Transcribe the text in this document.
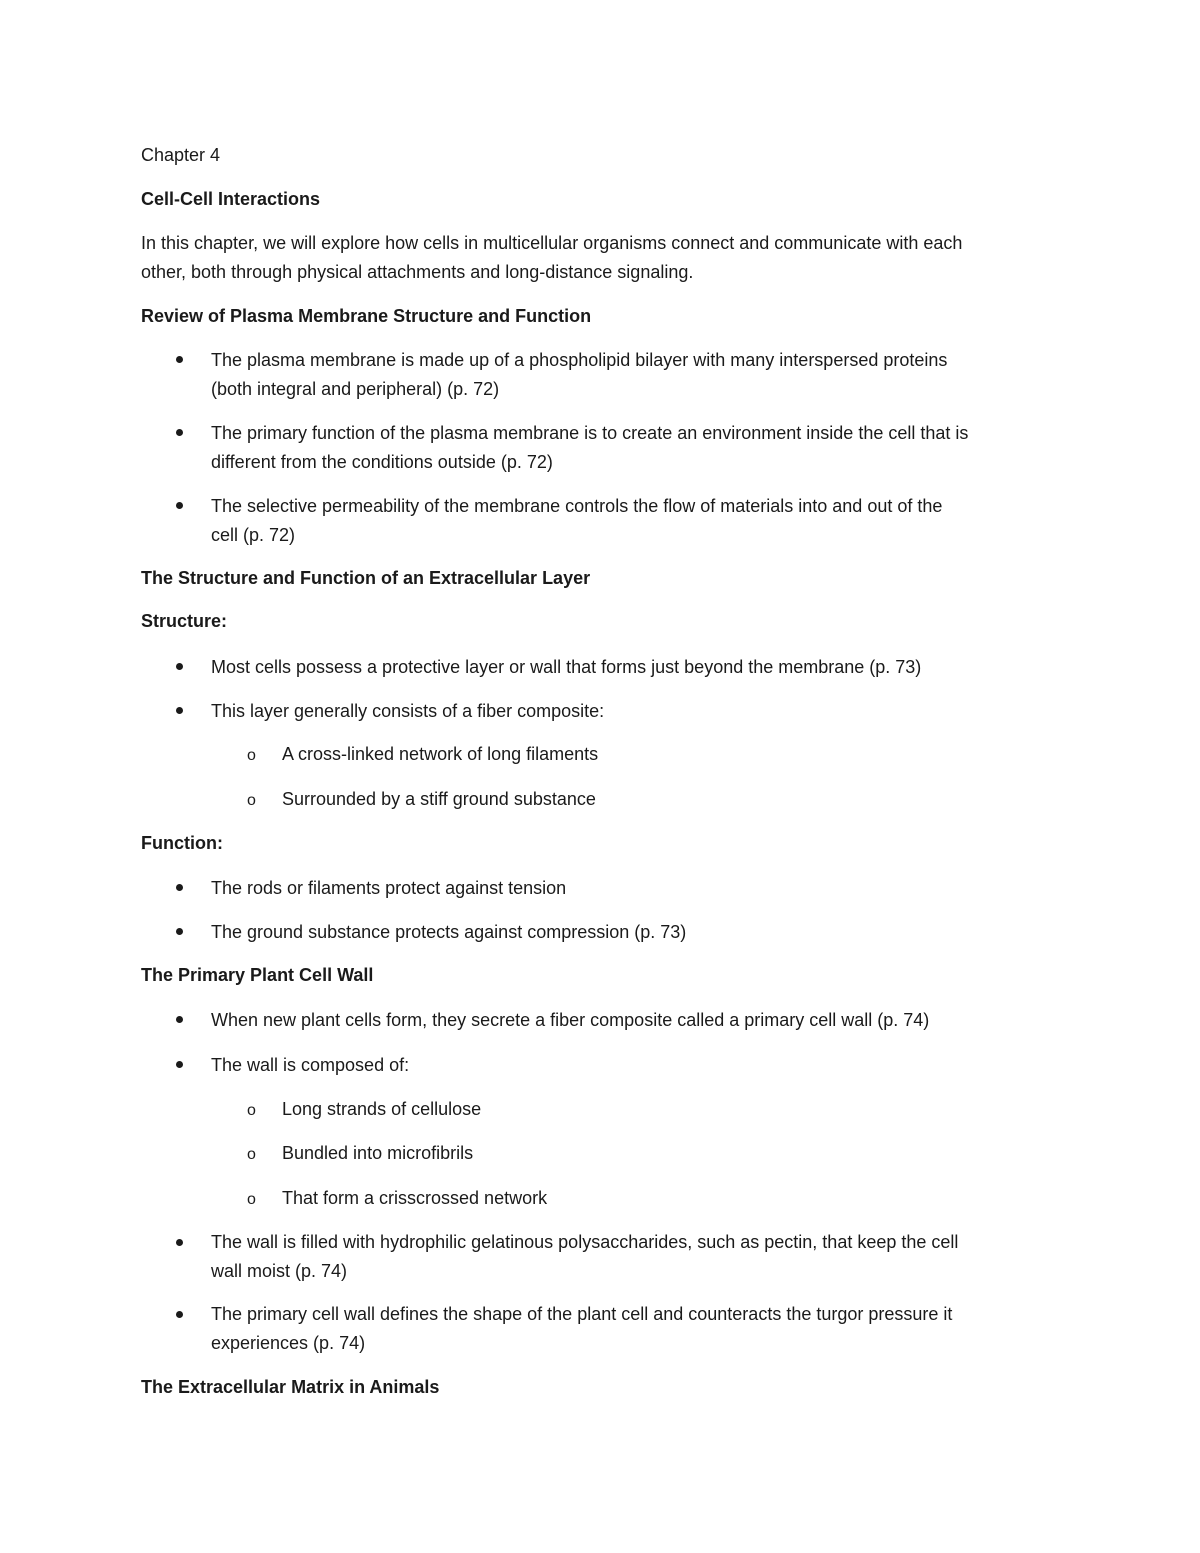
Chapter 4
Cell-Cell Interactions
In this chapter, we will explore how cells in multicellular organisms connect and communicate with each
other, both through physical attachments and long-distance signaling.
Review of Plasma Membrane Structure and Function
The plasma membrane is made up of a phospholipid bilayer with many interspersed proteins
(both integral and peripheral) (p. 72)
The primary function of the plasma membrane is to create an environment inside the cell that is
different from the conditions outside (p. 72)
The selective permeability of the membrane controls the flow of materials into and out of the
cell (p. 72)
The Structure and Function of an Extracellular Layer
Structure:
Most cells possess a protective layer or wall that forms just beyond the membrane (p. 73)
This layer generally consists of a fiber composite:
o A cross-linked network of long filaments
o Surrounded by a stiff ground substance
Function:
The rods or filaments protect against tension
The ground substance protects against compression (p. 73)
The Primary Plant Cell Wall
When new plant cells form, they secrete a fiber composite called a primary cell wall (p. 74)
The wall is composed of:
o Long strands of cellulose
o Bundled into microfibrils
o That form a crisscrossed network
The wall is filled with hydrophilic gelatinous polysaccharides, such as pectin, that keep the cell
wall moist (p. 74)
The primary cell wall defines the shape of the plant cell and counteracts the turgor pressure it
experiences (p. 74)
The Extracellular Matrix in Animals
